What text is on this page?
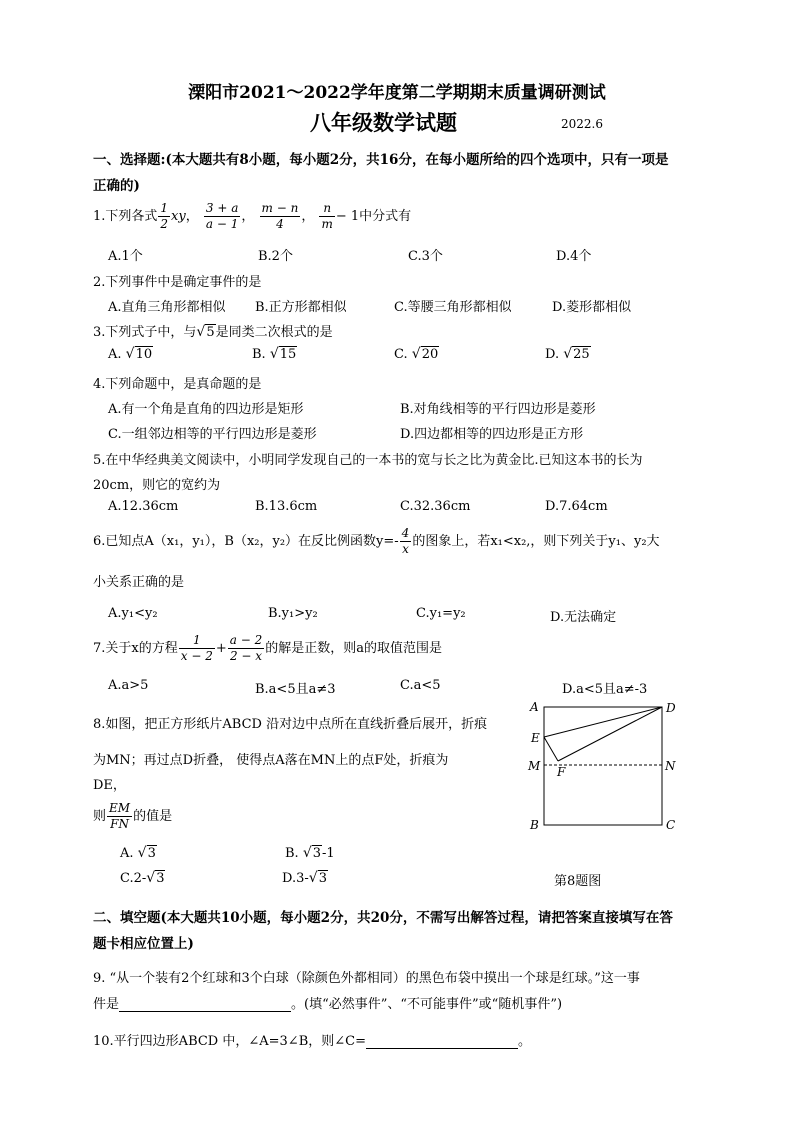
溧阳市2021～2022学年度第二学期期末质量调研测试
八年级数学试题	2022.6
一、选择题:(本大题共有8小题，每小题2分，共16分，在每小题所给的四个选项中，只有一项是
正确的)
1.下列各式 $\frac{1}{2}$ xy， $\frac{3 + a}{a - 1}$ ， $\frac{m - n}{4}$ ， $\frac{n}{m} - 1$中分式有
A.1个	B.2个	C.3个	D.4个
2.下列事件中是确定事件的是
A.直角三角形都相似 B.正方形都相似	C.等腰三角形都相似	D.菱形都相似
3.下列式子中，与√5是同类二次根式的是
A. √10	B. √15	C. √20	D. √25
4.下列命题中，是真命题的是
A.有一个角是直角的四边形是矩形	B.对角线相等的平行四边形是菱形
C.一组邻边相等的平行四边形是菱形	D.四边都相等的四边形是正方形
5.在中华经典美文阅读中，小明同学发现自己的一本书的宽与长之比为黄金比.已知这本书的长为
20cm，则它的宽约为
A.12.36cm	B.13.6cm	C.32.36cm	D.7.64cm
6.已知点A（x₁，y₁），B（x₂，y₂）在反比例函数$y=- \frac{4}{x}$ 的图象上，若x₁<x₂,，则下列关于y₁、y₂大
小关系正确的是
A.y₁<y₂	B.y₁>y₂	C.y₁=y₂	D.无法确定
7.关于x的方程 $\frac{1}{x - 2} + \frac{a - 2}{2 - x}$ 的解是正数，则a的取值范围是
A.a>5	B.a<5且a≠3	C.a<5	D.a<5且a≠-3
8.如图，把正方形纸片ABCD 沿对边中点所在直线折叠后展开，折痕
为MN；再过点D折叠， 使得点A落在MN上的点F处，折痕为
DE，
则 $\frac{EM}{FN}$ 的值是
A. √3	B. √3-1
C.2-√3	D.3-√3
A	D
E
M	N
F
B	C
第8题图
二、填空题(本大题共10小题，每小题2分，共20分，不需写出解答过程，请把答案直接填写在答
题卡相应位置上)
9. “从一个装有2个红球和3个白球（除颜色外都相同）的黑色布袋中摸出一个球是红球。”这一事
件是	。(填“必然事件”、“不可能事件”或“随机事件”)
10.平行四边形ABCD 中，∠A=3∠B，则∠C=	。
